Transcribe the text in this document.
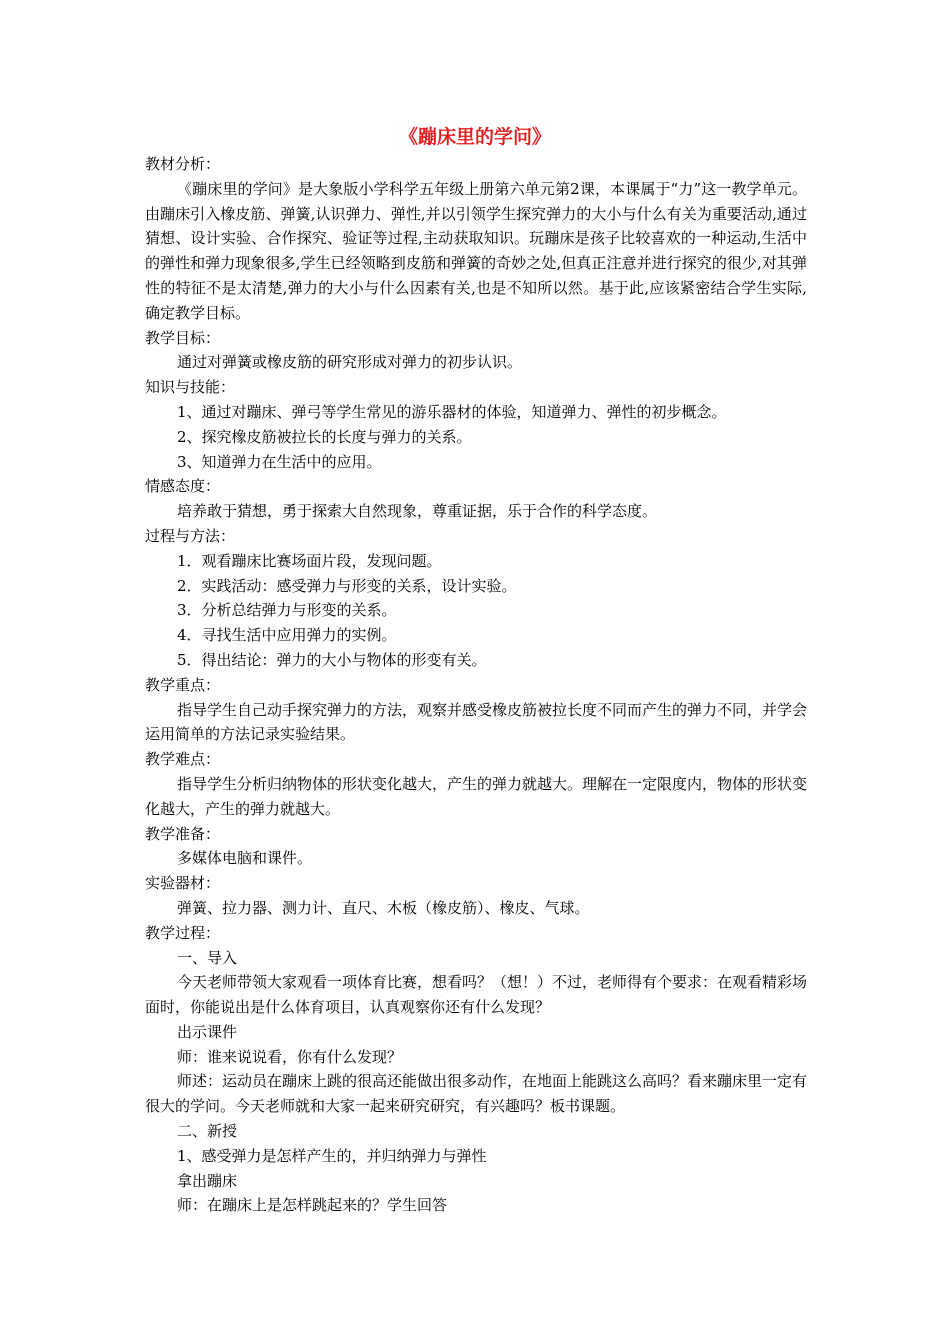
《蹦床里的学问》

教材分析：

《蹦床里的学问》是大象版小学科学五年级上册第六单元第2课，本课属于“力”这一教学单元。由蹦床引入橡皮筋、弹簧,认识弹力、弹性,并以引领学生探究弹力的大小与什么有关为重要活动,通过猜想、设计实验、合作探究、验证等过程,主动获取知识。玩蹦床是孩子比较喜欢的一种运动,生活中的弹性和弹力现象很多,学生已经领略到皮筋和弹簧的奇妙之处,但真正注意并进行探究的很少,对其弹性的特征不是太清楚,弹力的大小与什么因素有关,也是不知所以然。基于此,应该紧密结合学生实际,确定教学目标。

教学目标：

通过对弹簧或橡皮筋的研究形成对弹力的初步认识。

知识与技能：

1、通过对蹦床、弹弓等学生常见的游乐器材的体验，知道弹力、弹性的初步概念。

2、探究橡皮筋被拉长的长度与弹力的关系。

3、知道弹力在生活中的应用。

情感态度：

培养敢于猜想，勇于探索大自然现象，尊重证据，乐于合作的科学态度。

过程与方法：

1．观看蹦床比赛场面片段，发现问题。

2．实践活动：感受弹力与形变的关系，设计实验。

3．分析总结弹力与形变的关系。

4．寻找生活中应用弹力的实例。

5．得出结论：弹力的大小与物体的形变有关。

教学重点：

指导学生自己动手探究弹力的方法，观察并感受橡皮筋被拉长度不同而产生的弹力不同，并学会运用简单的方法记录实验结果。

教学难点：

指导学生分析归纳物体的形状变化越大，产生的弹力就越大。理解在一定限度内，物体的形状变化越大，产生的弹力就越大。

教学准备：

多媒体电脑和课件。

实验器材：

弹簧、拉力器、测力计、直尺、木板（橡皮筋）、橡皮、气球。

教学过程：

一、导入

今天老师带领大家观看一项体育比赛，想看吗？（想！）不过，老师得有个要求：在观看精彩场面时，你能说出是什么体育项目，认真观察你还有什么发现？

出示课件

师：谁来说说看，你有什么发现？

师述：运动员在蹦床上跳的很高还能做出很多动作，在地面上能跳这么高吗？看来蹦床里一定有很大的学问。今天老师就和大家一起来研究研究，有兴趣吗？板书课题。

二、新授

1、感受弹力是怎样产生的，并归纳弹力与弹性

拿出蹦床

师：在蹦床上是怎样跳起来的？学生回答
